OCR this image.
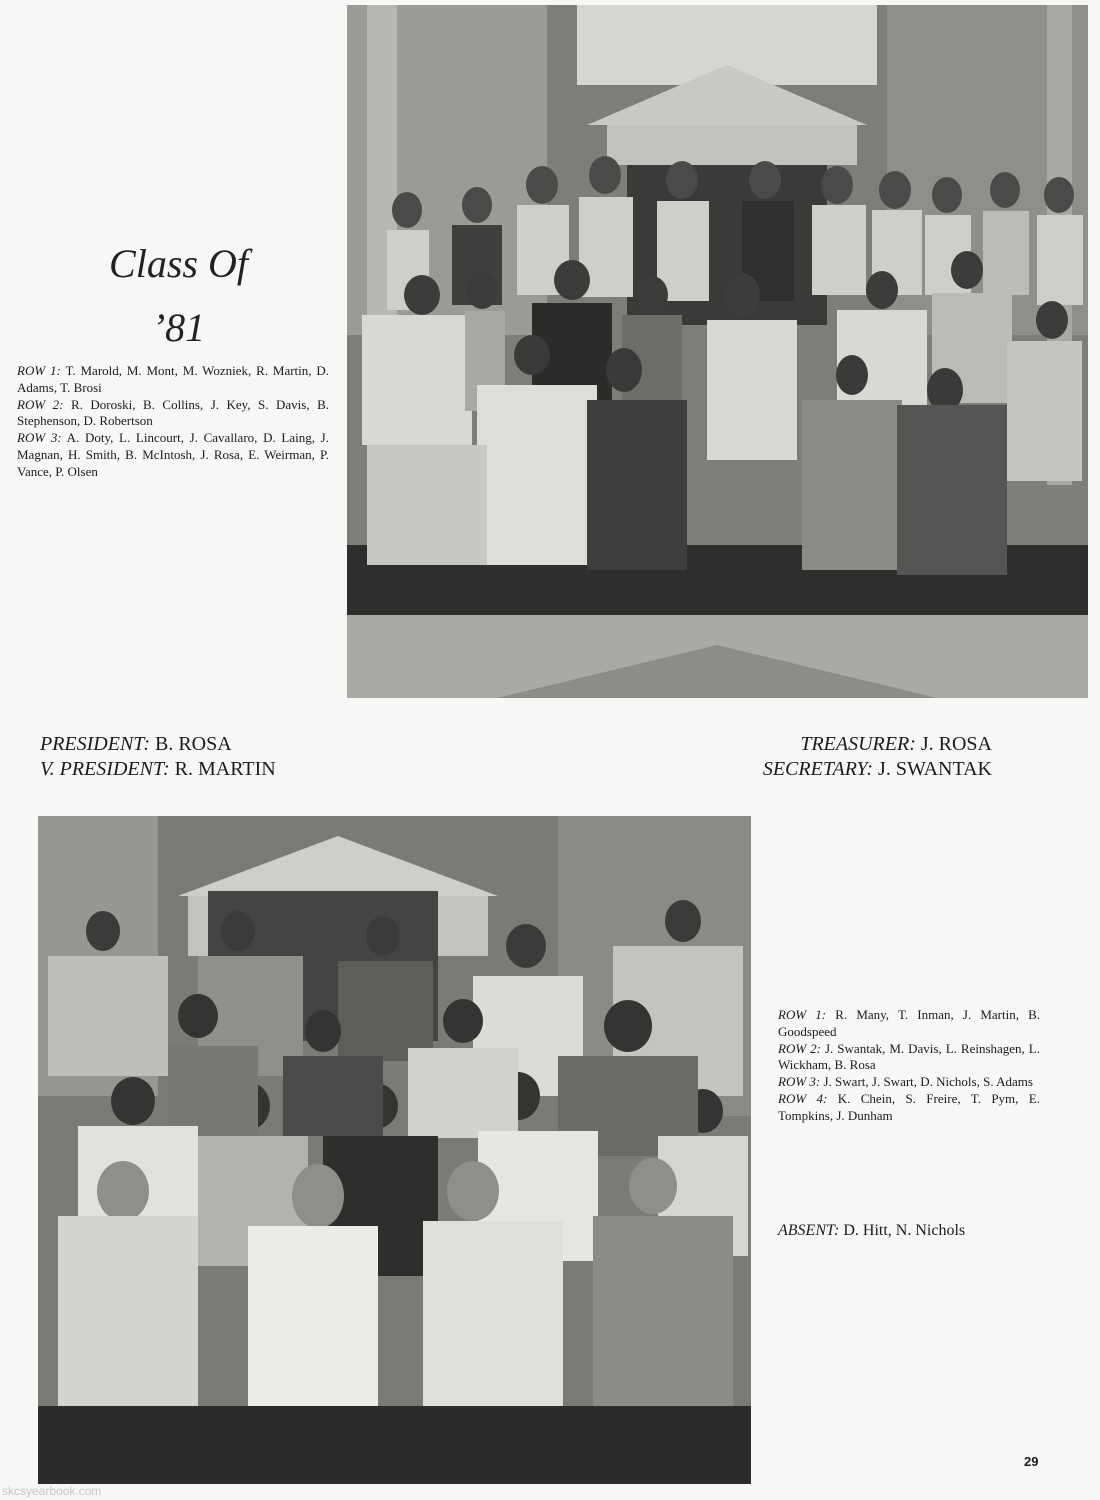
Class Of
’81
ROW 1: T. Marold, M. Mont, M. Wozniek, R. Martin, D. Adams, T. Brosi
ROW 2: R. Doroski, B. Collins, J. Key, S. Davis, B. Stephenson, D. Robertson
ROW 3: A. Doty, L. Lincourt, J. Cavallaro, D. Laing, J. Magnan, H. Smith, B. McIntosh, J. Rosa, E. Weirman, P. Vance, P. Olsen
PRESIDENT: B. ROSA
V. PRESIDENT: R. MARTIN
TREASURER: J. ROSA
SECRETARY: J. SWANTAK
ROW 1: R. Many, T. Inman, J. Martin, B. Goodspeed
ROW 2: J. Swantak, M. Davis, L. Reinshagen, L. Wickham, B. Rosa
ROW 3: J. Swart, J. Swart, D. Nichols, S. Adams
ROW 4: K. Chein, S. Freire, T. Pym, E. Tompkins, J. Dunham
ABSENT: D. Hitt, N. Nichols
29
skcsyearbook.com
